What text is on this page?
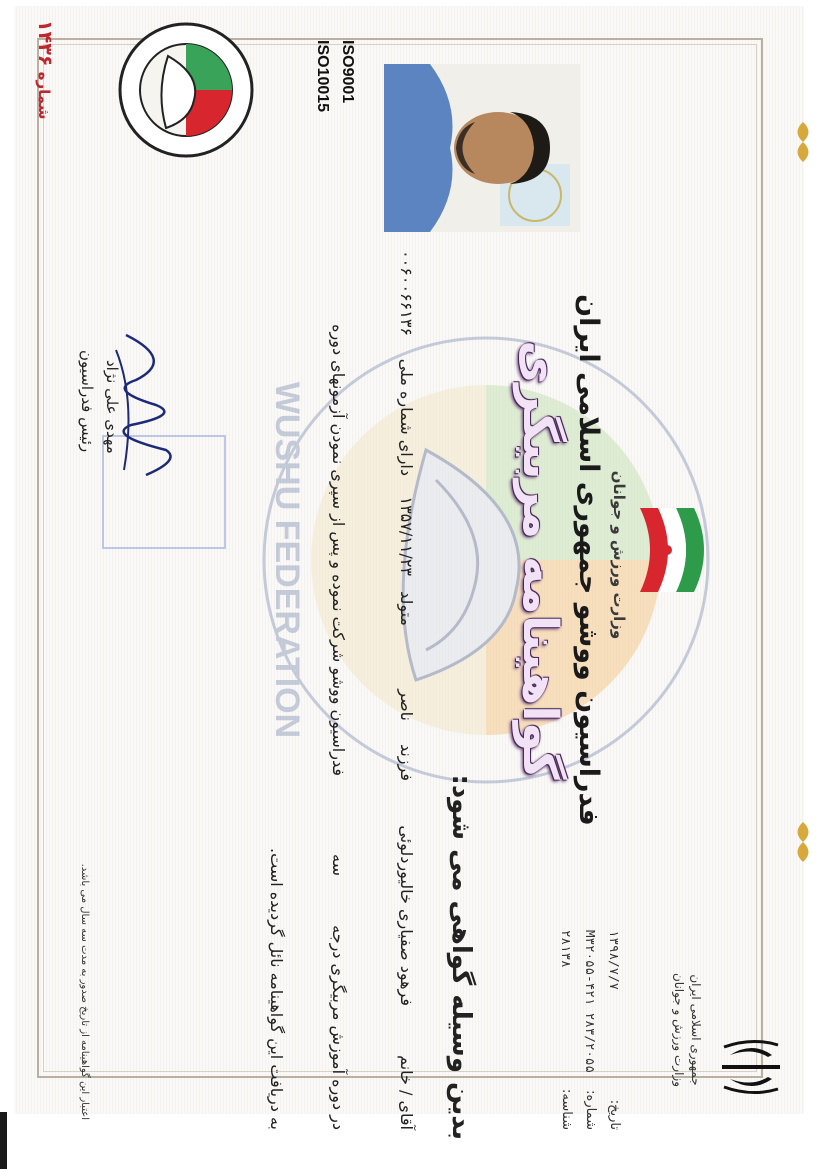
WUSHU FEDERATION
جمهوری اسلامی ایران
وزارت ورزش و جوانان
تاریخ:
۱۳۹۸/۷/۷
شماره:
M۳۲۰۵۵-۴۲۱ ۲۸۳/۲۰۵۵
شناسه:
۲۸۱۳۸
وزارت ورزش و جوانان
فدراسیون ووشو جمهوری اسلامی ایران
گواهینامه مربیگری
بدین وسیله گواهی می شود:
آقای / خانم
فرهود صفیاری خالیوردلوئی
فرزند
ناصر
متولد
۱۳۵۷/۱۱/۲۳
دارای شماره ملی
۰۰۶۰۰۶۶۱۳۶
در دوره آموزش مربیگری درجه
سه
فدراسیون ووشو شرکت نموده و پس از سپری نمودن آزمونهای دوره
به دریافت این گواهینامه نائل گردیده است.
مهدی علی نژاد
رئیس فدراسیون
اعتبار این گواهینامه از تاریخ صدور به مدت سه سال می باشد.
ISO9001
ISO10015
شماره ۱۴۳۶
